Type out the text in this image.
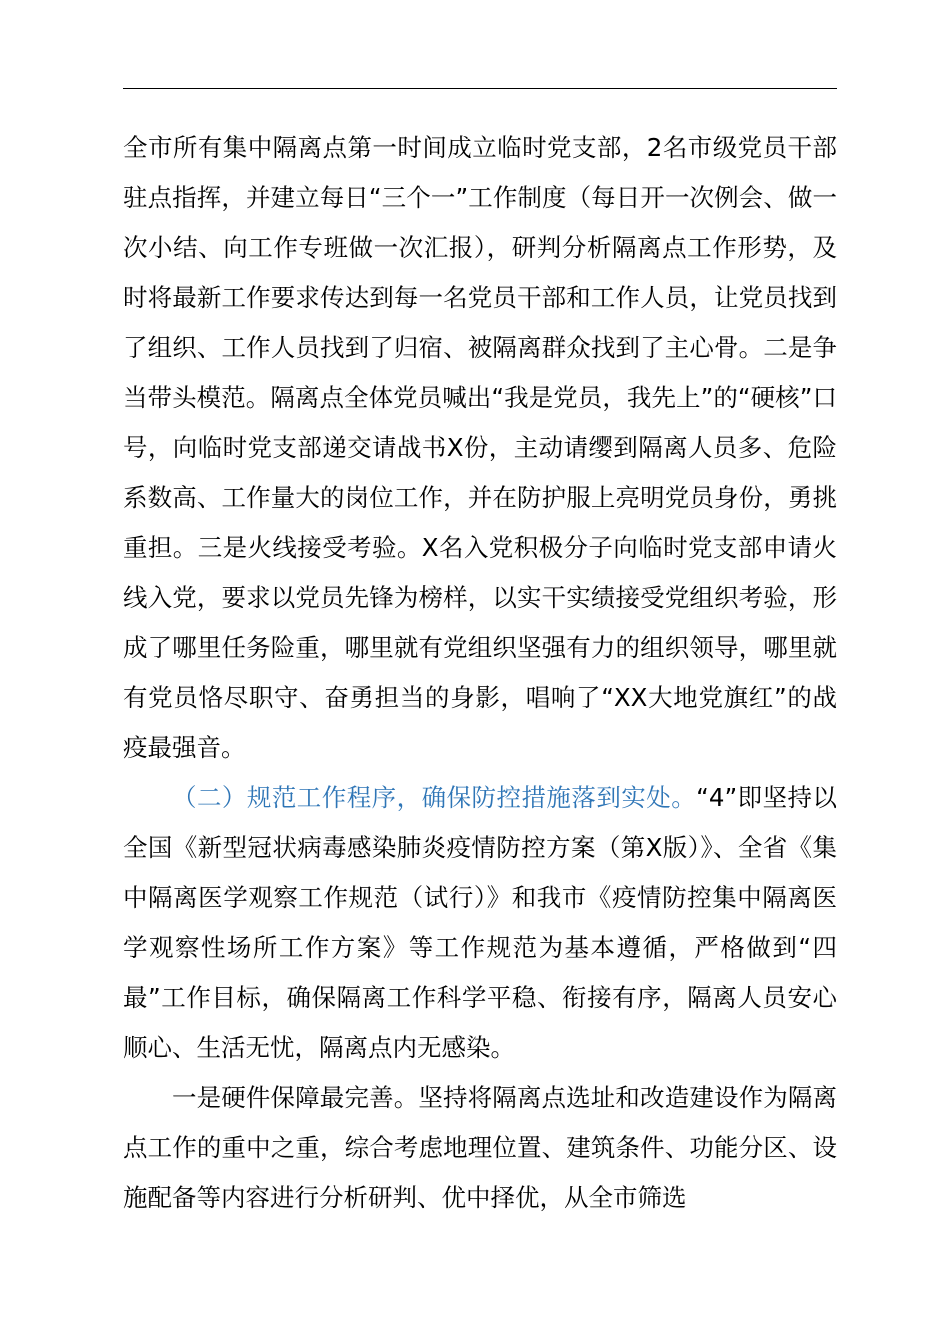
全市所有集中隔离点第一时间成立临时党支部，2名市级党员干部驻点指挥，并建立每日“三个一”工作制度（每日开一次例会、做一次小结、向工作专班做一次汇报），研判分析隔离点工作形势，及时将最新工作要求传达到每一名党员干部和工作人员，让党员找到了组织、工作人员找到了归宿、被隔离群众找到了主心骨。二是争当带头模范。隔离点全体党员喊出“我是党员，我先上”的“硬核”口号，向临时党支部递交请战书X份，主动请缨到隔离人员多、危险系数高、工作量大的岗位工作，并在防护服上亮明党员身份，勇挑重担。三是火线接受考验。X名入党积极分子向临时党支部申请火线入党，要求以党员先锋为榜样，以实干实绩接受党组织考验，形成了哪里任务险重，哪里就有党组织坚强有力的组织领导，哪里就有党员恪尽职守、奋勇担当的身影，唱响了“XX大地党旗红”的战疫最强音。

（二）规范工作程序，确保防控措施落到实处。“4”即坚持以全国《新型冠状病毒感染肺炎疫情防控方案（第X版）》、全省《集中隔离医学观察工作规范（试行）》和我市《疫情防控集中隔离医学观察性场所工作方案》等工作规范为基本遵循，严格做到“四最”工作目标，确保隔离工作科学平稳、衔接有序，隔离人员安心顺心、生活无忧，隔离点内无感染。

一是硬件保障最完善。坚持将隔离点选址和改造建设作为隔离点工作的重中之重，综合考虑地理位置、建筑条件、功能分区、设施配备等内容进行分析研判、优中择优，从全市筛选
